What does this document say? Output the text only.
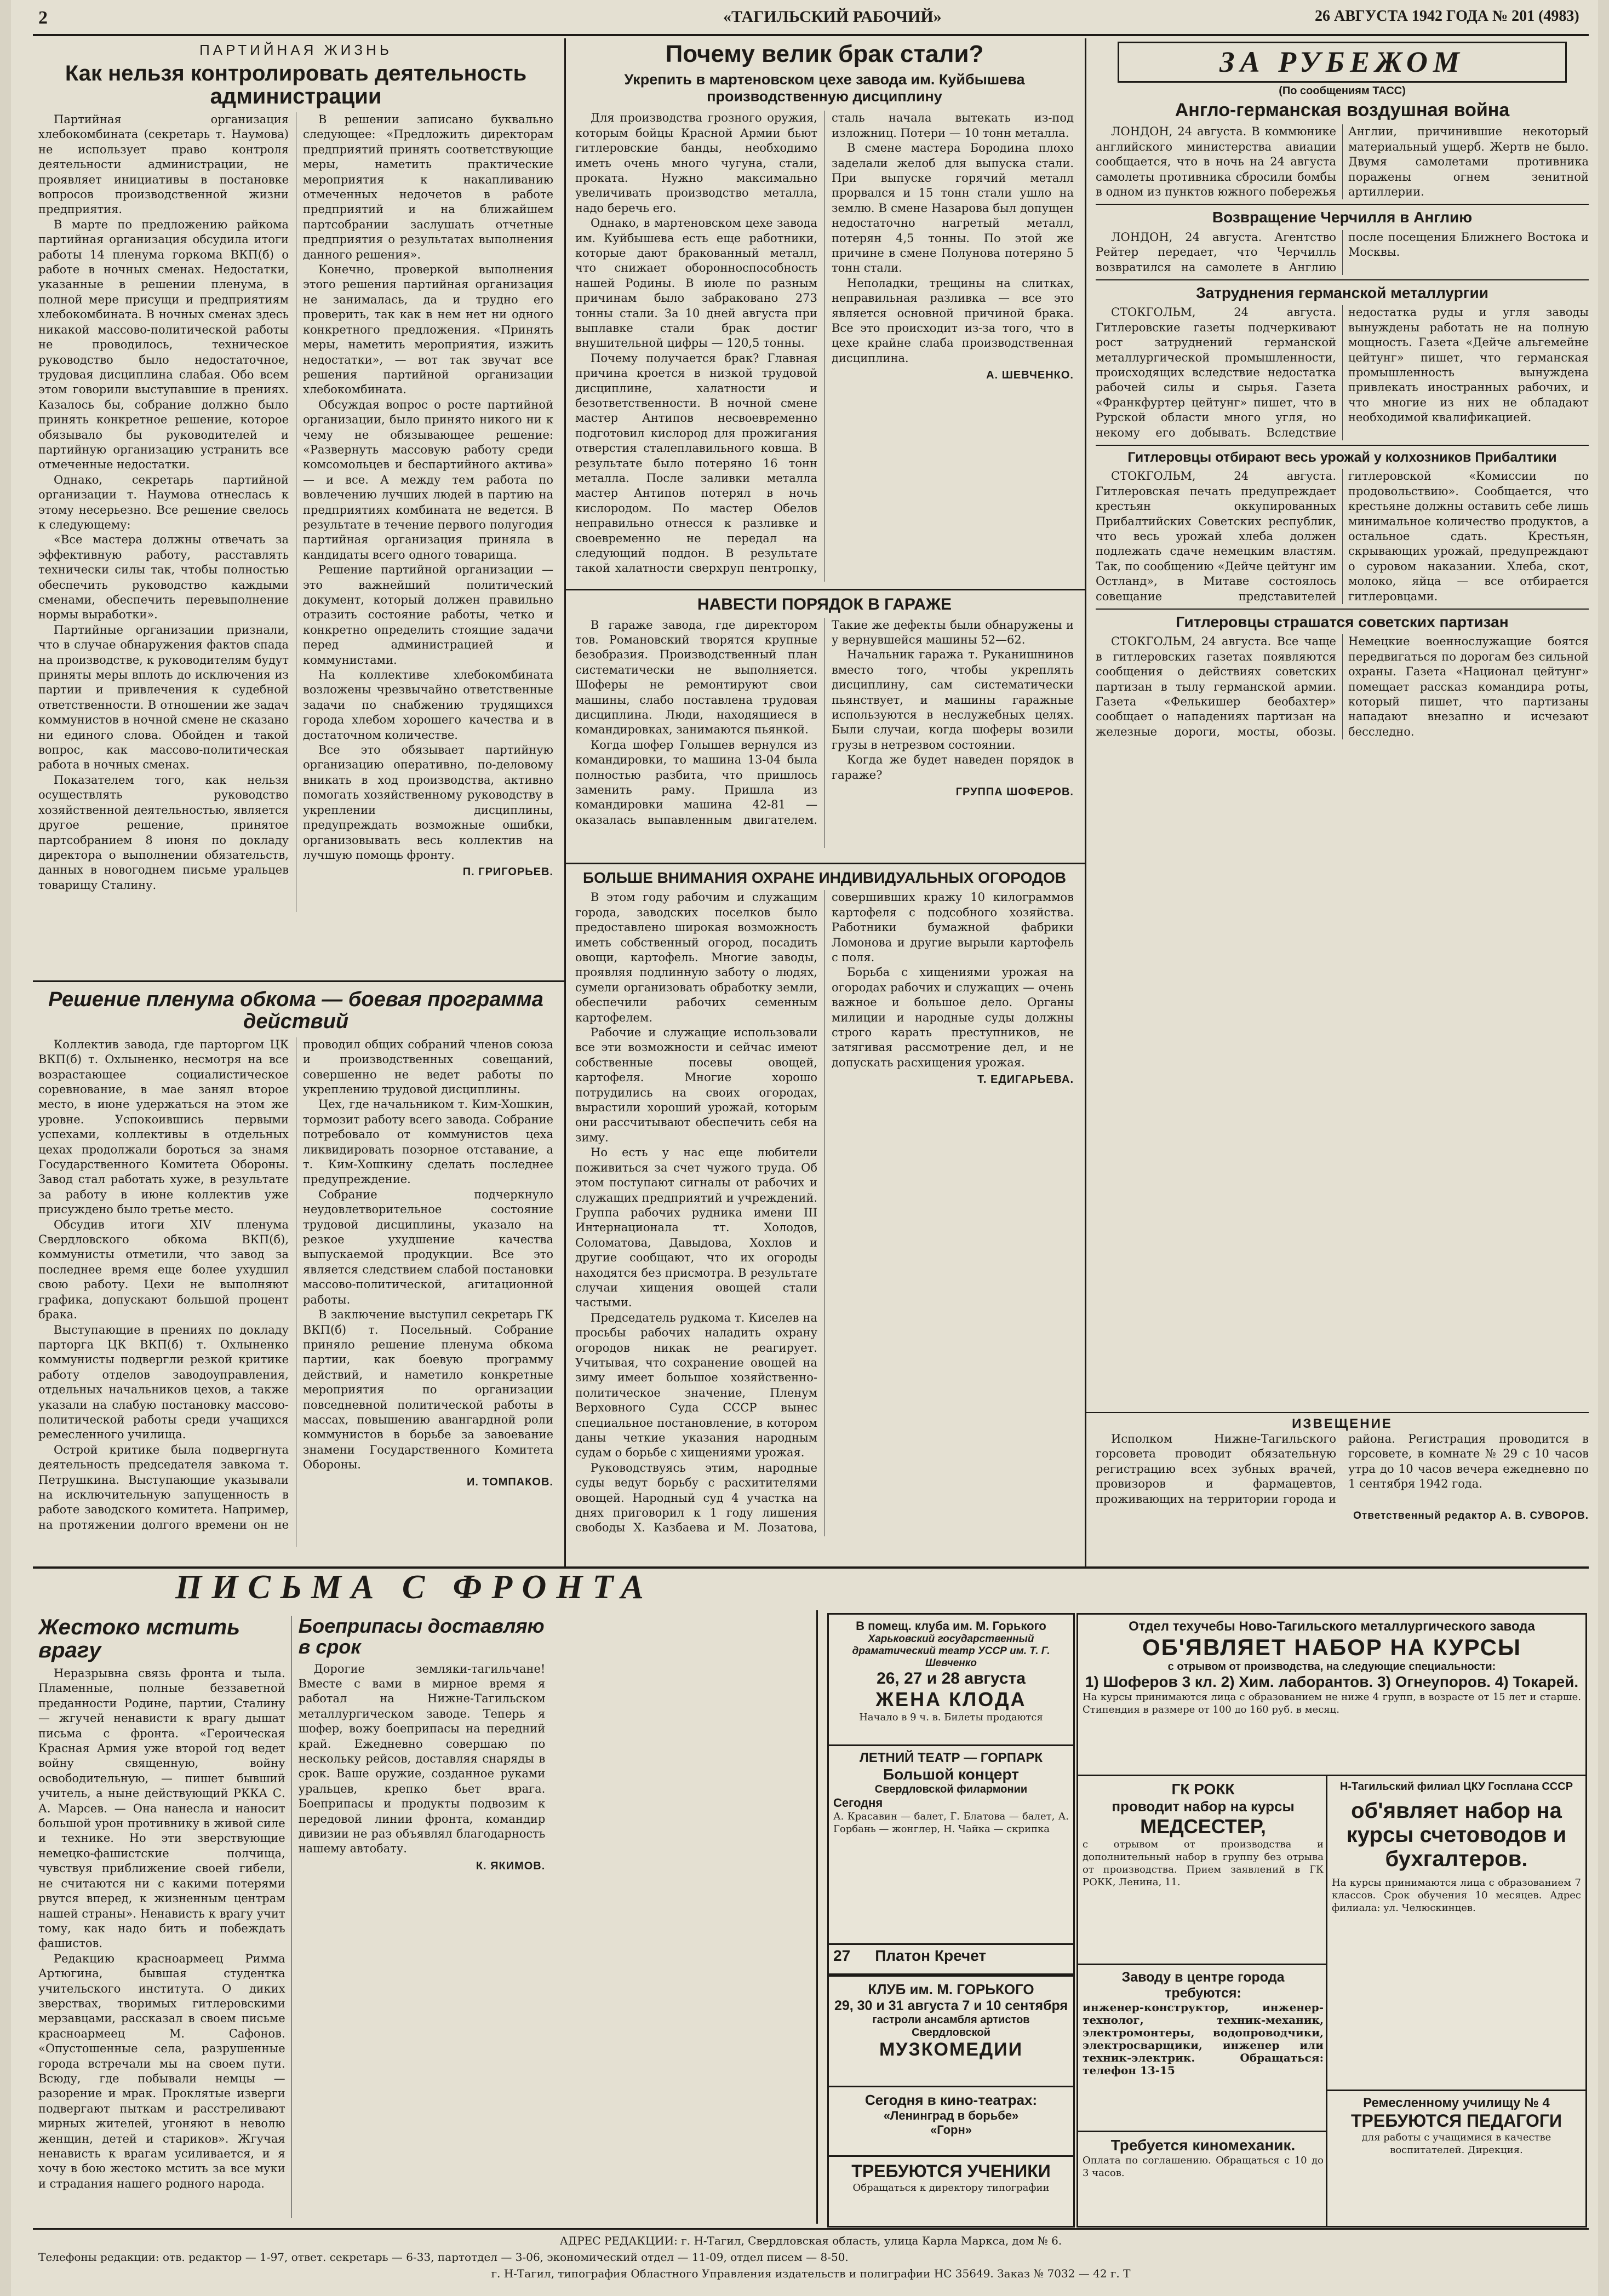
2	«ТАГИЛЬСКИЙ РАБОЧИЙ»	26 АВГУСТА 1942 ГОДА № 201 (4983)

ПАРТИЙНАЯ ЖИЗНЬ

Как нельзя контролировать деятельность администрации

Партийная организация хлебокомбината (секретарь т. Наумова) не использует право контроля деятельности администрации, не проявляет инициативы в постановке вопросов производственной жизни предприятия.

В марте по предложению райкома партийная организация обсудила итоги работы 14 пленума горкома ВКП(б) о работе в ночных сменах. Недостатки, указанные в решении пленума, в полной мере присущи и предприятиям хлебокомбината. В ночных сменах здесь никакой массово-политической работы не проводилось, техническое руководство было недостаточное, трудовая дисциплина слабая. Обо всем этом говорили выступавшие в прениях. Казалось бы, собрание должно было принять конкретное решение, которое обязывало бы руководителей и партийную организацию устранить все отмеченные недостатки.

Однако, секретарь партийной организации т. Наумова отнеслась к этому несерьезно. Все решение свелось к следующему:

«Все мастера должны отвечать за эффективную работу, расставлять технически силы так, чтобы полностью обеспечить руководство каждыми сменами, обеспечить перевыполнение нормы выработки».

Партийные организации признали, что в случае обнаружения фактов спада на производстве, к руководителям будут приняты меры вплоть до исключения из партии и привлечения к судебной ответственности. В отношении же задач коммунистов в ночной смене не сказано ни единого слова. Обойден и такой вопрос, как массово-политическая работа в ночных сменах.

Показателем того, как нельзя осуществлять руководство хозяйственной деятельностью, является другое решение, принятое партсобранием 8 июня по докладу директора о выполнении обязательств, данных в новогоднем письме уральцев товарищу Сталину.

В решении записано буквально следующее: «Предложить директорам предприятий принять соответствующие меры, наметить практические мероприятия к накапливанию отмеченных недочетов в работе предприятий и на ближайшем партсобрании заслушать отчетные предприятия о результатах выполнения данного решения».

Конечно, проверкой выполнения этого решения партийная организация не занималась, да и трудно его проверить, так как в нем нет ни одного конкретного предложения. «Принять меры, наметить мероприятия, изжить недостатки», — вот так звучат все решения партийной организации хлебокомбината.

Обсуждая вопрос о росте партийной организации, было принято никого ни к чему не обязывающее решение: «Развернуть массовую работу среди комсомольцев и беспартийного актива» — и все. А между тем работа по вовлечению лучших людей в партию на предприятиях комбината не ведется. В результате в течение первого полугодия партийная организация приняла в кандидаты всего одного товарища.

Решение партийной организации — это важнейший политический документ, который должен правильно отразить состояние работы, четко и конкретно определить стоящие задачи перед администрацией и коммунистами.

На коллективе хлебокомбината возложены чрезвычайно ответственные задачи по снабжению трудящихся города хлебом хорошего качества и в достаточном количестве.

Все это обязывает партийную организацию оперативно, по-деловому вникать в ход производства, активно помогать хозяйственному руководству в укреплении дисциплины, предупреждать возможные ошибки, организовывать весь коллектив на лучшую помощь фронту.

П. ГРИГОРЬЕВ.

Решение пленума обкома — боевая программа действий

Коллектив завода, где парторгом ЦК ВКП(б) т. Охлыненко, несмотря на все возрастающее социалистическое соревнование, в мае занял второе место, в июне удержаться на этом же уровне. Успокоившись первыми успехами, коллективы в отдельных цехах продолжали бороться за знамя Государственного Комитета Обороны. Завод стал работать хуже, в результате за работу в июне коллектив уже присуждено было третье место.

Обсудив итоги XIV пленума Свердловского обкома ВКП(б), коммунисты отметили, что завод за последнее время еще более ухудшил свою работу. Цехи не выполняют графика, допускают большой процент брака.

Выступающие в прениях по докладу парторга ЦК ВКП(б) т. Охлыненко коммунисты подвергли резкой критике работу отделов заводоуправления, отдельных начальников цехов, а также указали на слабую постановку массово-политической работы среди учащихся ремесленного училища.

Острой критике была подвергнута деятельность председателя завкома т. Петрушкина. Выступающие указывали на исключительную запущенность в работе заводского комитета. Например, на протяжении долгого времени он не проводил общих собраний членов союза и производственных совещаний, совершенно не ведет работы по укреплению трудовой дисциплины.

Цех, где начальником т. Ким-Хошкин, тормозит работу всего завода. Собрание потребовало от коммунистов цеха ликвидировать позорное отставание, а т. Ким-Хошкину сделать последнее предупреждение.

Собрание подчеркнуло неудовлетворительное состояние трудовой дисциплины, указало на резкое ухудшение качества выпускаемой продукции. Все это является следствием слабой постановки массово-политической, агитационной работы.

В заключение выступил секретарь ГК ВКП(б) т. Посельный. Собрание приняло решение пленума обкома партии, как боевую программу действий, и наметило конкретные мероприятия по организации повседневной политической работы в массах, повышению авангардной роли коммунистов в борьбе за завоевание знамени Государственного Комитета Обороны.

И. ТОМПАКОВ.

Почему велик брак стали?

Укрепить в мартеновском цехе завода им. Куйбышева производственную дисциплину

Для производства грозного оружия, которым бойцы Красной Армии бьют гитлеровские банды, необходимо иметь очень много чугуна, стали, проката. Нужно максимально увеличивать производство металла, надо беречь его.

Однако, в мартеновском цехе завода им. Куйбышева есть еще работники, которые дают бракованный металл, что снижает оборонноспособность нашей Родины. В июле по разным причинам было забраковано 273 тонны стали. За 10 дней августа при выплавке стали брак достиг внушительной цифры — 120,5 тонны.

Почему получается брак? Главная причина кроется в низкой трудовой дисциплине, халатности и безответственности. В ночной смене мастер Антипов несвоевременно подготовил кислород для прожигания отверстия сталеплавильного ковша. В результате было потеряно 16 тонн металла. После заливки металла мастер Антипов потерял в ночь кислородом. По мастер Обелов неправильно отнесся к разливке и своевременно не передал на следующий поддон. В результате такой халатности сверхруп пентропку, сталь начала вытекать из-под изложниц. Потери — 10 тонн металла.

В смене мастера Бородина плохо заделали желоб для выпуска стали. При выпуске горячий металл прорвался и 15 тонн стали ушло на землю. В смене Назарова был допущен недостаточно нагретый металл, потерян 4,5 тонны. По этой же причине в смене Полунова потеряно 5 тонн стали.

Неполадки, трещины на слитках, неправильная разливка — все это является основной причиной брака. Все это происходит из-за того, что в цехе крайне слаба производственная дисциплина.

А. ШЕВЧЕНКО.

НАВЕСТИ ПОРЯДОК В ГАРАЖЕ

В гараже завода, где директором тов. Романовский творятся крупные безобразия. Производственный план систематически не выполняется. Шоферы не ремонтируют свои машины, слабо поставлена трудовая дисциплина. Люди, находящиеся в командировках, занимаются пьянкой.

Когда шофер Голышев вернулся из командировки, то машина 13-04 была полностью разбита, что пришлось заменить раму. Пришла из командировки машина 42-81 — оказалась выпавленным двигателем. Такие же дефекты были обнаружены и у вернувшейся машины 52—62.

Начальник гаража т. Руканишнинов вместо того, чтобы укреплять дисциплину, сам систематически пьянствует, и машины гаражные используются в неслужебных целях. Были случаи, когда шоферы возили грузы в нетрезвом состоянии.

Когда же будет наведен порядок в гараже?

ГРУППА ШОФЕРОВ.

БОЛЬШЕ ВНИМАНИЯ ОХРАНЕ ИНДИВИДУАЛЬНЫХ ОГОРОДОВ

В этом году рабочим и служащим города, заводских поселков было предоставлено широкая возможность иметь собственный огород, посадить овощи, картофель. Многие заводы, проявляя подлинную заботу о людях, сумели организовать обработку земли, обеспечили рабочих семенным картофелем.

Рабочие и служащие использовали все эти возможности и сейчас имеют собственные посевы овощей, картофеля. Многие хорошо потрудились на своих огородах, вырастили хороший урожай, которым они рассчитывают обеспечить себя на зиму.

Но есть у нас еще любители поживиться за счет чужого труда. Об этом поступают сигналы от рабочих и служащих предприятий и учреждений. Группа рабочих рудника имени III Интернационала тт. Холодов, Соломатова, Давыдова, Хохлов и другие сообщают, что их огороды находятся без присмотра. В результате случаи хищения овощей стали частыми.

Председатель рудкома т. Киселев на просьбы рабочих наладить охрану огородов никак не реагирует. Учитывая, что сохранение овощей на зиму имеет большое хозяйственно-политическое значение, Пленум Верховного Суда СССР вынес специальное постановление, в котором даны четкие указания народным судам о борьбе с хищениями урожая.

Руководствуясь этим, народные суды ведут борьбу с расхитителями овощей. Народный суд 4 участка на днях приговорил к 1 году лишения свободы Х. Казбаева и М. Лозатова, совершивших кражу 10 килограммов картофеля с подсобного хозяйства. Работники бумажной фабрики Ломонова и другие вырыли картофель с поля.

Борьба с хищениями урожая на огородах рабочих и служащих — очень важное и большое дело. Органы милиции и народные суды должны строго карать преступников, не затягивая рассмотрение дел, и не допускать расхищения урожая.

Т. ЕДИГАРЬЕВА.

ЗА РУБЕЖОМ

(По сообщениям ТАСС)

Англо-германская воздушная война

ЛОНДОН, 24 августа. В коммюнике английского министерства авиации сообщается, что в ночь на 24 августа самолеты противника сбросили бомбы в одном из пунктов южного побережья Англии, причинившие некоторый материальный ущерб. Жертв не было. Двумя самолетами противника поражены огнем зенитной артиллерии.

Возвращение Черчилля в Англию

ЛОНДОН, 24 августа. Агентство Рейтер передает, что Черчилль возвратился на самолете в Англию после посещения Ближнего Востока и Москвы.

Затруднения германской металлургии

СТОКГОЛЬМ, 24 августа. Гитлеровские газеты подчеркивают рост затруднений германской металлургической промышленности, происходящих вследствие недостатка рабочей силы и сырья. Газета «Франкфуртер цейтунг» пишет, что в Рурской области много угля, но некому его добывать. Вследствие недостатка руды и угля заводы вынуждены работать не на полную мощность. Газета «Дейче альгемейне цейтунг» пишет, что германская промышленность вынуждена привлекать иностранных рабочих, и что многие из них не обладают необходимой квалификацией.

Гитлеровцы отбирают весь урожай у колхозников Прибалтики

СТОКГОЛЬМ, 24 августа. Гитлеровская печать предупреждает крестьян оккупированных Прибалтийских Советских республик, что весь урожай хлеба должен подлежать сдаче немецким властям. Так, по сообщению «Дейче цейтунг им Остланд», в Митаве состоялось совещание представителей гитлеровской «Комиссии по продовольствию». Сообщается, что крестьяне должны оставить себе лишь минимальное количество продуктов, а остальное сдать. Крестьян, скрывающих урожай, предупреждают о суровом наказании. Хлеба, скот, молоко, яйца — все отбирается гитлеровцами.

Гитлеровцы страшатся советских партизан

СТОКГОЛЬМ, 24 августа. Все чаще в гитлеровских газетах появляются сообщения о действиях советских партизан в тылу германской армии. Газета «Фелькишер беобахтер» сообщает о нападениях партизан на железные дороги, мосты, обозы. Немецкие военнослужащие боятся передвигаться по дорогам без сильной охраны. Газета «Национал цейтунг» помещает рассказ командира роты, который пишет, что партизаны нападают внезапно и исчезают бесследно.

ИЗВЕЩЕНИЕ

Исполком Нижне-Тагильского горсовета проводит обязательную регистрацию всех зубных врачей, провизоров и фармацевтов, проживающих на территории города и района. Регистрация проводится в горсовете, в комнате № 29 с 10 часов утра до 10 часов вечера ежедневно по 1 сентября 1942 года.

Ответственный редактор А. В. СУВОРОВ.

ПИСЬМА С ФРОНТА

Жестоко мстить врагу

Неразрывна связь фронта и тыла. Пламенные, полные беззаветной преданности Родине, партии, Сталину — жгучей ненависти к врагу дышат письма с фронта. «Героическая Красная Армия уже второй год ведет войну священную, войну освободительную, — пишет бывший учитель, а ныне действующий РККА С. А. Марсев. — Она нанесла и наносит большой урон противнику в живой силе и технике. Но эти зверствующие немецко-фашистские полчища, чувствуя приближение своей гибели, не считаются ни с какими потерями рвутся вперед, к жизненным центрам нашей страны». Ненависть к врагу учит тому, как надо бить и побеждать фашистов.

Редакцию красноармеец Римма Артюгина, бывшая студентка учительского института. О диких зверствах, творимых гитлеровскими мерзавцами, рассказал в своем письме красноармеец М. Сафонов. «Опустошенные села, разрушенные города встречали мы на своем пути. Всюду, где побывали немцы — разорение и мрак. Проклятые изверги подвергают пыткам и расстреливают мирных жителей, угоняют в неволю женщин, детей и стариков». Жгучая ненависть к врагам усиливается, и я хочу в бою жестоко мстить за все муки и страдания нашего родного народа.

Боеприпасы доставляю в срок

Дорогие земляки-тагильчане! Вместе с вами в мирное время я работал на Нижне-Тагильском металлургическом заводе. Теперь я шофер, вожу боеприпасы на передний край. Ежедневно совершаю по нескольку рейсов, доставляя снаряды в срок. Ваше оружие, созданное руками уральцев, крепко бьет врага. Боеприпасы и продукты подвозим к передовой линии фронта, командир дивизии не раз объявлял благодарность нашему автобату.

К. ЯКИМОВ.

В помещ. клуба им. М. Горького

Харьковский государственный драматический театр УССР им. Т. Г. Шевченко

26, 27 и 28 августа

ЖЕНА КЛОДА

Начало в 9 ч. в. Билеты продаются

ЛЕТНИЙ ТЕАТР — ГОРПАРК

Большой концерт

Свердловской филармонии

Сегодня

А. Красавин — балет, Г. Блатова — балет, А. Горбань — жонглер, Н. Чайка — скрипка

27 Платон Кречет

КЛУБ им. М. ГОРЬКОГО

29, 30 и 31 августа 7 и 10 сентября

гастроли ансамбля артистов Свердловской

МУЗКОМЕДИИ

Сегодня в кино-театрах:

«Ленинград в борьбе»

«Горн»

ТРЕБУЮТСЯ УЧЕНИКИ

Обращаться к директору типографии

Отдел техучебы Ново-Тагильского металлургического завода

ОБ'ЯВЛЯЕТ НАБОР НА КУРСЫ

с отрывом от производства, на следующие специальности:

1) Шоферов 3 кл. 2) Хим. лаборантов. 3) Огнеупоров. 4) Токарей.

На курсы принимаются лица с образованием не ниже 4 групп, в возрасте от 15 лет и старше. Стипендия в размере от 100 до 160 руб. в месяц.

ГК РОКК

проводит набор на курсы

МЕДСЕСТЕР,

с отрывом от производства и дополнительный набор в группу без отрыва от производства. Прием заявлений в ГК РОКК, Ленина, 11.

Заводу в центре города требуются:

инженер-конструктор, инженер-технолог, техник-механик, электромонтеры, водопроводчики, электросварщики, инженер или техник-электрик. Обращаться: телефон 13-15

Требуется киномеханик.

Оплата по соглашению. Обращаться с 10 до 3 часов.

Н-Тагильский филиал ЦКУ Госплана СССР

об'являет набор на курсы счетоводов и бухгалтеров.

На курсы принимаются лица с образованием 7 классов. Срок обучения 10 месяцев. Адрес филиала: ул. Челюскинцев.

Ремесленному училищу № 4

ТРЕБУЮТСЯ ПЕДАГОГИ

для работы с учащимися в качестве воспитателей. Дирекция.

АДРЕС РЕДАКЦИИ: г. Н-Тагил, Свердловская область, улица Карла Маркса, дом № 6.
Телефоны редакции: отв. редактор — 1-97, ответ. секретарь — 6-33, партотдел — 3-06, экономический отдел — 11-09, отдел писем — 8-50.
г. Н-Тагил, типография Областного Управления издательств и полиграфии НС 35649. Заказ № 7032 — 42 г. Т
